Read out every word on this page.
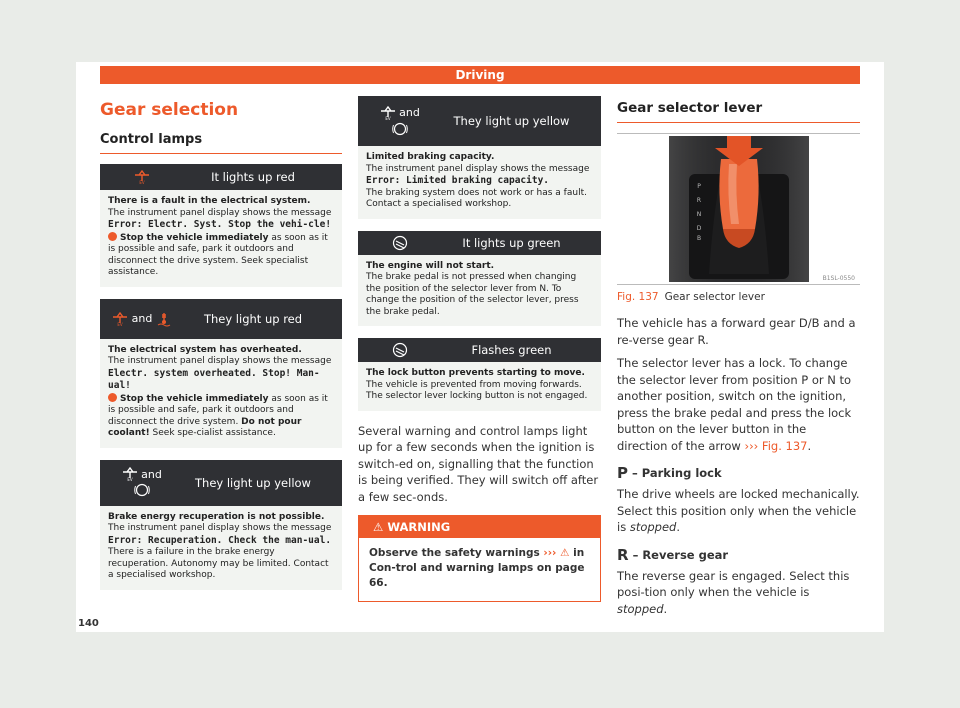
Driving
Gear selection
Control lamps
EV	It lights up red
There is a fault in the electrical system.
The instrument panel display shows the message
Error: Electr. Syst. Stop the vehi-cle!
Stop the vehicle immediately as soon as it is possible and safe, park it outdoors and disconnect the drive system. Seek specialist assistance.
EV and	They light up red
The electrical system has overheated.
The instrument panel display shows the message
Electr. system overheated. Stop! Man-ual!
Stop the vehicle immediately as soon as it is possible and safe, park it outdoors and disconnect the drive system. Do not pour coolant! Seek spe-cialist assistance.
EV and
They light up yellow
Brake energy recuperation is not possible.
The instrument panel display shows the message
Error: Recuperation. Check the man-ual.
There is a failure in the brake energy recuperation. Autonomy may be limited. Contact a specialised workshop.
EV and
They light up yellow
Limited braking capacity.
The instrument panel display shows the message
Error: Limited braking capacity.
The braking system does not work or has a fault. Contact a specialised workshop.
It lights up green
The engine will not start.
The brake pedal is not pressed when changing the position of the selector lever from N. To change the position of the selector lever, press the brake pedal.
Flashes green
The lock button prevents starting to move.
The vehicle is prevented from moving forwards. The selector lever locking button is not engaged.

Several warning and control lamps light up for a few seconds when the ignition is switch-ed on, signalling that the function is being verified. They will switch off after a few sec-onds.

⚠ WARNING
Observe the safety warnings ››› ⚠ in Con-trol and warning lamps on page 66.
Gear selector lever
P
R
N
D
B
B1SL-0550
Fig. 137 Gear selector lever

The vehicle has a forward gear D/B and a re-verse gear R.

The selector lever has a lock. To change the selector lever from position P or N to another position, switch on the ignition, press the brake pedal and press the lock button on the lever button in the direction of the arrow ››› Fig. 137.

P – Parking lock

The drive wheels are locked mechanically. Select this position only when the vehicle is stopped.

R – Reverse gear

The reverse gear is engaged. Select this posi-tion only when the vehicle is stopped.

140
